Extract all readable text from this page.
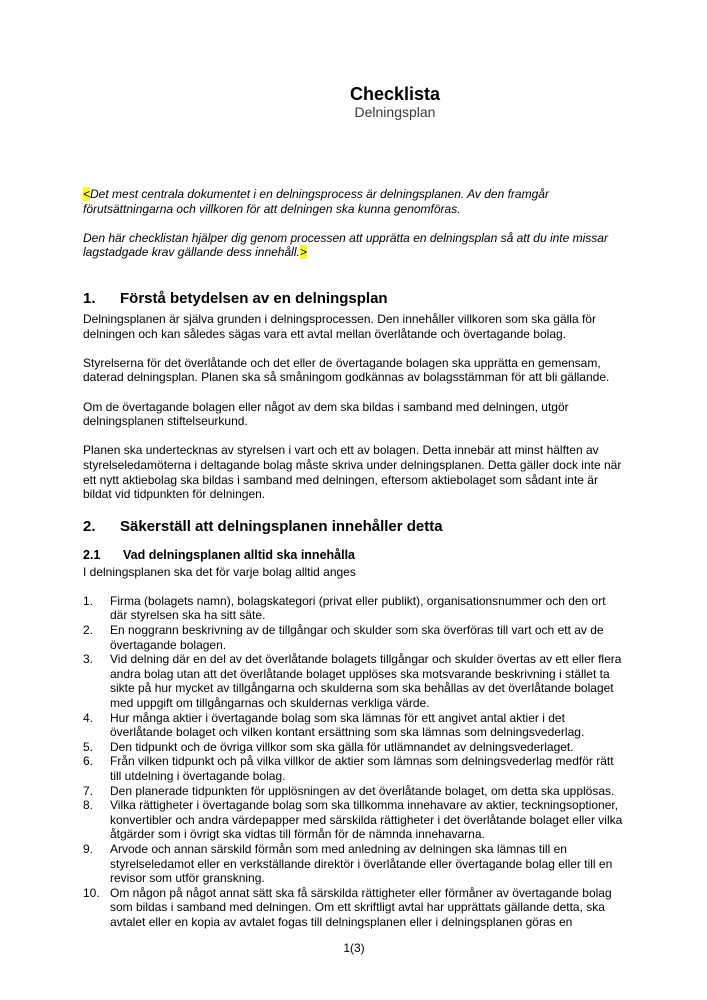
Checklista
Delningsplan

<Det mest centrala dokumentet i en delningsprocess är delningsplanen. Av den framgår förutsättningarna och villkoren för att delningen ska kunna genomföras.

Den här checklistan hjälper dig genom processen att upprätta en delningsplan så att du inte missar lagstadgade krav gällande dess innehåll.>

1.	Förstå betydelsen av en delningsplan

Delningsplanen är själva grunden i delningsprocessen. Den innehåller villkoren som ska gälla för delningen och kan således sägas vara ett avtal mellan överlåtande och övertagande bolag.

Styrelserna för det överlåtande och det eller de övertagande bolagen ska upprätta en gemensam, daterad delningsplan. Planen ska så småningom godkännas av bolagsstämman för att bli gällande.

Om de övertagande bolagen eller något av dem ska bildas i samband med delningen, utgör delningsplanen stiftelseurkund.

Planen ska undertecknas av styrelsen i vart och ett av bolagen. Detta innebär att minst hälften av styrelseledamöterna i deltagande bolag måste skriva under delningsplanen. Detta gäller dock inte när ett nytt aktiebolag ska bildas i samband med delningen, eftersom aktiebolaget som sådant inte är bildat vid tidpunkten för delningen.

2.	Säkerställ att delningsplanen innehåller detta
2.1	Vad delningsplanen alltid ska innehålla

I delningsplanen ska det för varje bolag alltid anges

1.	Firma (bolagets namn), bolagskategori (privat eller publikt), organisationsnummer och den ort där styrelsen ska ha sitt säte.
2.	En noggrann beskrivning av de tillgångar och skulder som ska överföras till vart och ett av de övertagande bolagen.
3.	Vid delning där en del av det överlåtande bolagets tillgångar och skulder övertas av ett eller flera andra bolag utan att det överlåtande bolaget upplöses ska motsvarande beskrivning i stället ta sikte på hur mycket av tillgångarna och skulderna som ska behållas av det överlåtande bolaget med uppgift om tillgångarnas och skuldernas verkliga värde.
4.	Hur många aktier i övertagande bolag som ska lämnas för ett angivet antal aktier i det överlåtande bolaget och vilken kontant ersättning som ska lämnas som delningsvederlag.
5.	Den tidpunkt och de övriga villkor som ska gälla för utlämnandet av delningsvederlaget.
6.	Från vilken tidpunkt och på vilka villkor de aktier som lämnas som delningsvederlag medför rätt till utdelning i övertagande bolag.
7.	Den planerade tidpunkten för upplösningen av det överlåtande bolaget, om detta ska upplösas.
8.	Vilka rättigheter i övertagande bolag som ska tillkomma innehavare av aktier, teckningsoptioner, konvertibler och andra värdepapper med särskilda rättigheter i det överlåtande bolaget eller vilka åtgärder som i övrigt ska vidtas till förmån för de nämnda innehavarna.
9.	Arvode och annan särskild förmån som med anledning av delningen ska lämnas till en styrelseledamot eller en verkställande direktör i överlåtande eller övertagande bolag eller till en revisor som utför granskning.
10. Om någon på något annat sätt ska få särskilda rättigheter eller förmåner av övertagande bolag som bildas i samband med delningen. Om ett skriftligt avtal har upprättats gällande detta, ska avtalet eller en kopia av avtalet fogas till delningsplanen eller i delningsplanen göras en
1(3)
